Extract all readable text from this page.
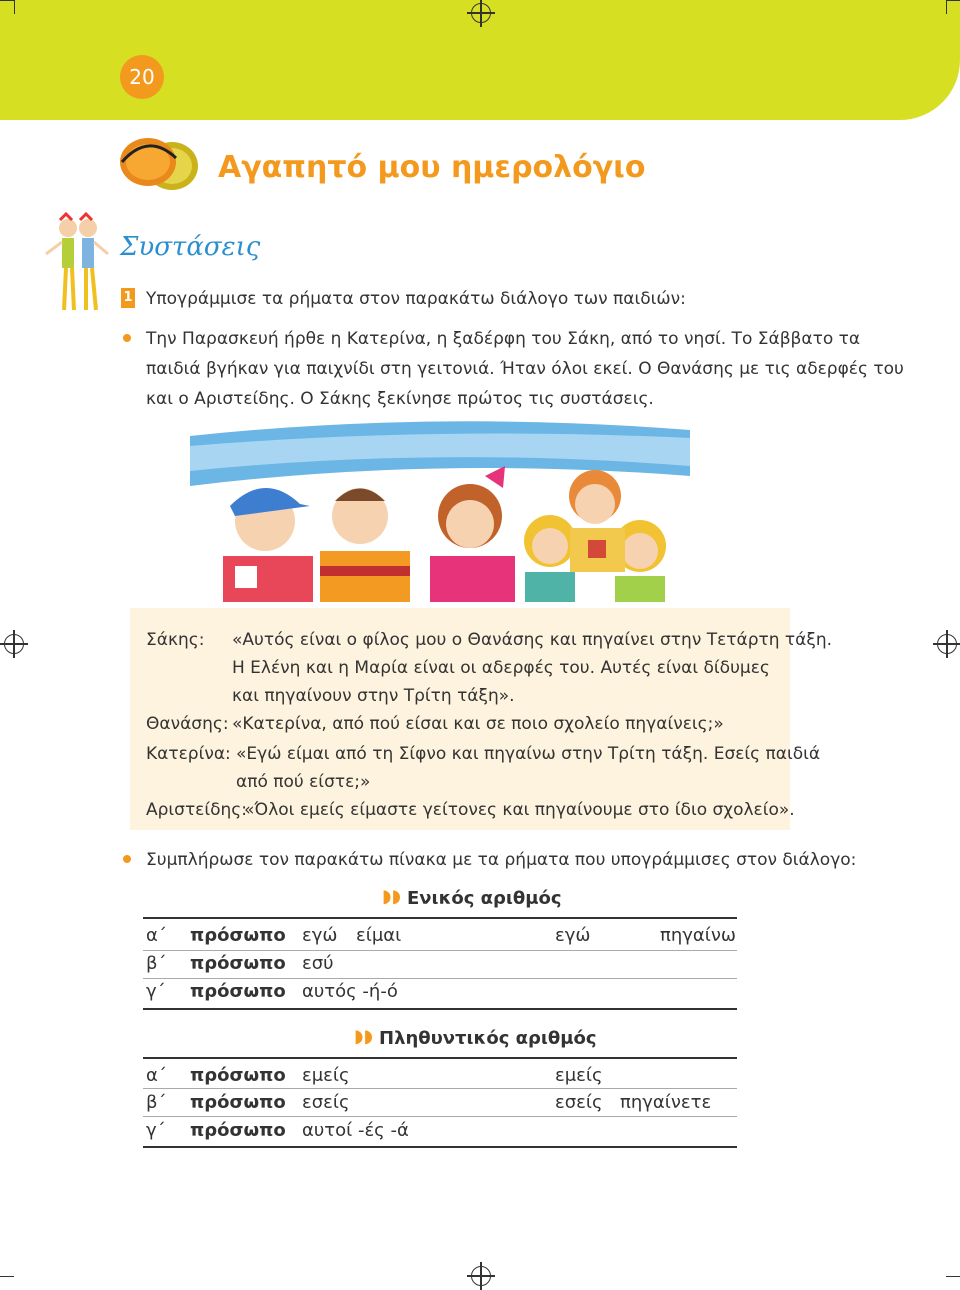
20
Αγαπητό μου ημερολόγιο
Συστάσεις
1 Υπογράμμισε τα ρήματα στον παρακάτω διάλογο των παιδιών:
Την Παρασκευή ήρθε η Κατερίνα, η ξαδέρφη του Σάκη, από το νησί. Το Σάββατο τα
παιδιά βγήκαν για παιχνίδι στη γειτονιά. Ήταν όλοι εκεί. Ο Θανάσης με τις αδερφές του
και ο Αριστείδης. Ο Σάκης ξεκίνησε πρώτος τις συστάσεις.
Σάκης: «Αυτός είναι ο φίλος μου ο Θανάσης και πηγαίνει στην Τετάρτη τάξη.
Η Ελένη και η Μαρία είναι οι αδερφές του. Αυτές είναι δίδυμες
και πηγαίνουν στην Τρίτη τάξη».
Θανάσης: «Κατερίνα, από πού είσαι και σε ποιο σχολείο πηγαίνεις;»
Κατερίνα: «Εγώ είμαι από τη Σίφνο και πηγαίνω στην Τρίτη τάξη. Εσείς παιδιά
από πού είστε;»
Αριστείδης:
«Όλοι εμείς είμαστε γείτονες και πηγαίνουμε στο ίδιο σχολείο».
Συμπλήρωσε τον παρακάτω πίνακα με τα ρήματα που υπογράμμισες στον διάλογο:
◗◗ Ενικός αριθμός
α΄ πρόσωπο εγώ είμαι	εγώ	πηγαίνω
β΄ πρόσωπο εσύ
γ΄ πρόσωπο αυτός -ή-ό
◗◗ Πληθυντικός αριθμός
α΄ πρόσωπο εμείς	εμείς
β΄ πρόσωπο εσείς	εσείς πηγαίνετε
γ΄ πρόσωπο αυτοί -ές -ά
